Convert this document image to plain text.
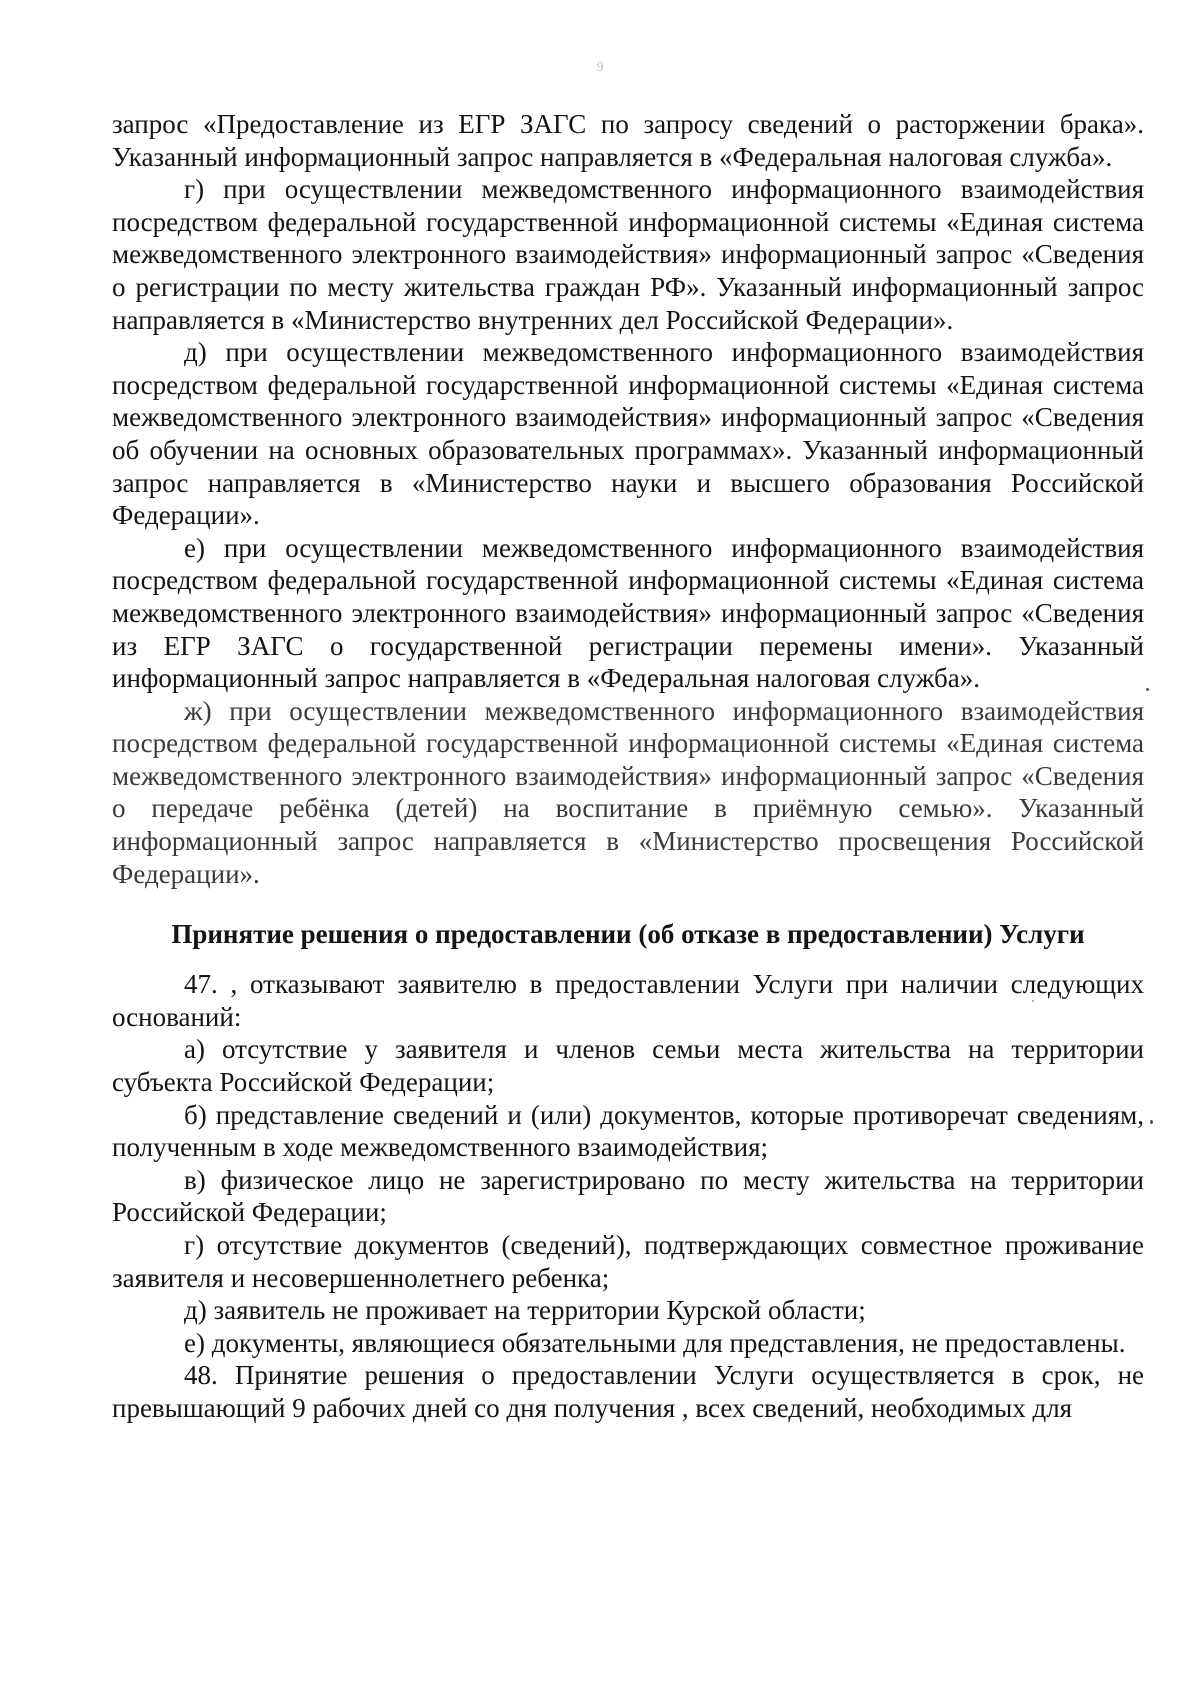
9

запрос «Предоставление из ЕГР ЗАГС по запросу сведений о расторжении брака». Указанный информационный запрос направляется в «Федеральная налоговая служба».

г) при осуществлении межведомственного информационного взаимодействия посредством федеральной государственной информационной системы «Единая система межведомственного электронного взаимодействия» информационный запрос «Сведения о регистрации по месту жительства граждан РФ». Указанный информационный запрос направляется в «Министерство внутренних дел Российской Федерации».

д) при осуществлении межведомственного информационного взаимодействия посредством федеральной государственной информационной системы «Единая система межведомственного электронного взаимодействия» информационный запрос «Сведения об обучении на основных образовательных программах». Указанный информационный запрос направляется в «Министерство науки и высшего образования Российской Федерации».

е) при осуществлении межведомственного информационного взаимодействия посредством федеральной государственной информационной системы «Единая система межведомственного электронного взаимодействия» информационный запрос «Сведения из ЕГР ЗАГС о государственной регистрации перемены имени». Указанный информационный запрос направляется в «Федеральная налоговая служба».

ж) при осуществлении межведомственного информационного взаимодействия посредством федеральной государственной информационной системы «Единая система межведомственного электронного взаимодействия» информационный запрос «Сведения о передаче ребёнка (детей) на воспитание в приёмную семью». Указанный информационный запрос направляется в «Министерство просвещения Российской Федерации».

Принятие решения о предоставлении (об отказе в предоставлении) Услуги

47. , отказывают заявителю в предоставлении Услуги при наличии следующих оснований:

а) отсутствие у заявителя и членов семьи места жительства на территории субъекта Российской Федерации;

б) представление сведений и (или) документов, которые противоречат сведениям, полученным в ходе межведомственного взаимодействия;

в) физическое лицо не зарегистрировано по месту жительства на территории Российской Федерации;

г) отсутствие документов (сведений), подтверждающих совместное проживание заявителя и несовершеннолетнего ребенка;

д) заявитель не проживает на территории Курской области;

е) документы, являющиеся обязательными для представления, не предоставлены.

48. Принятие решения о предоставлении Услуги осуществляется в срок, не превышающий 9 рабочих дней со дня получения , всех сведений, необходимых для
